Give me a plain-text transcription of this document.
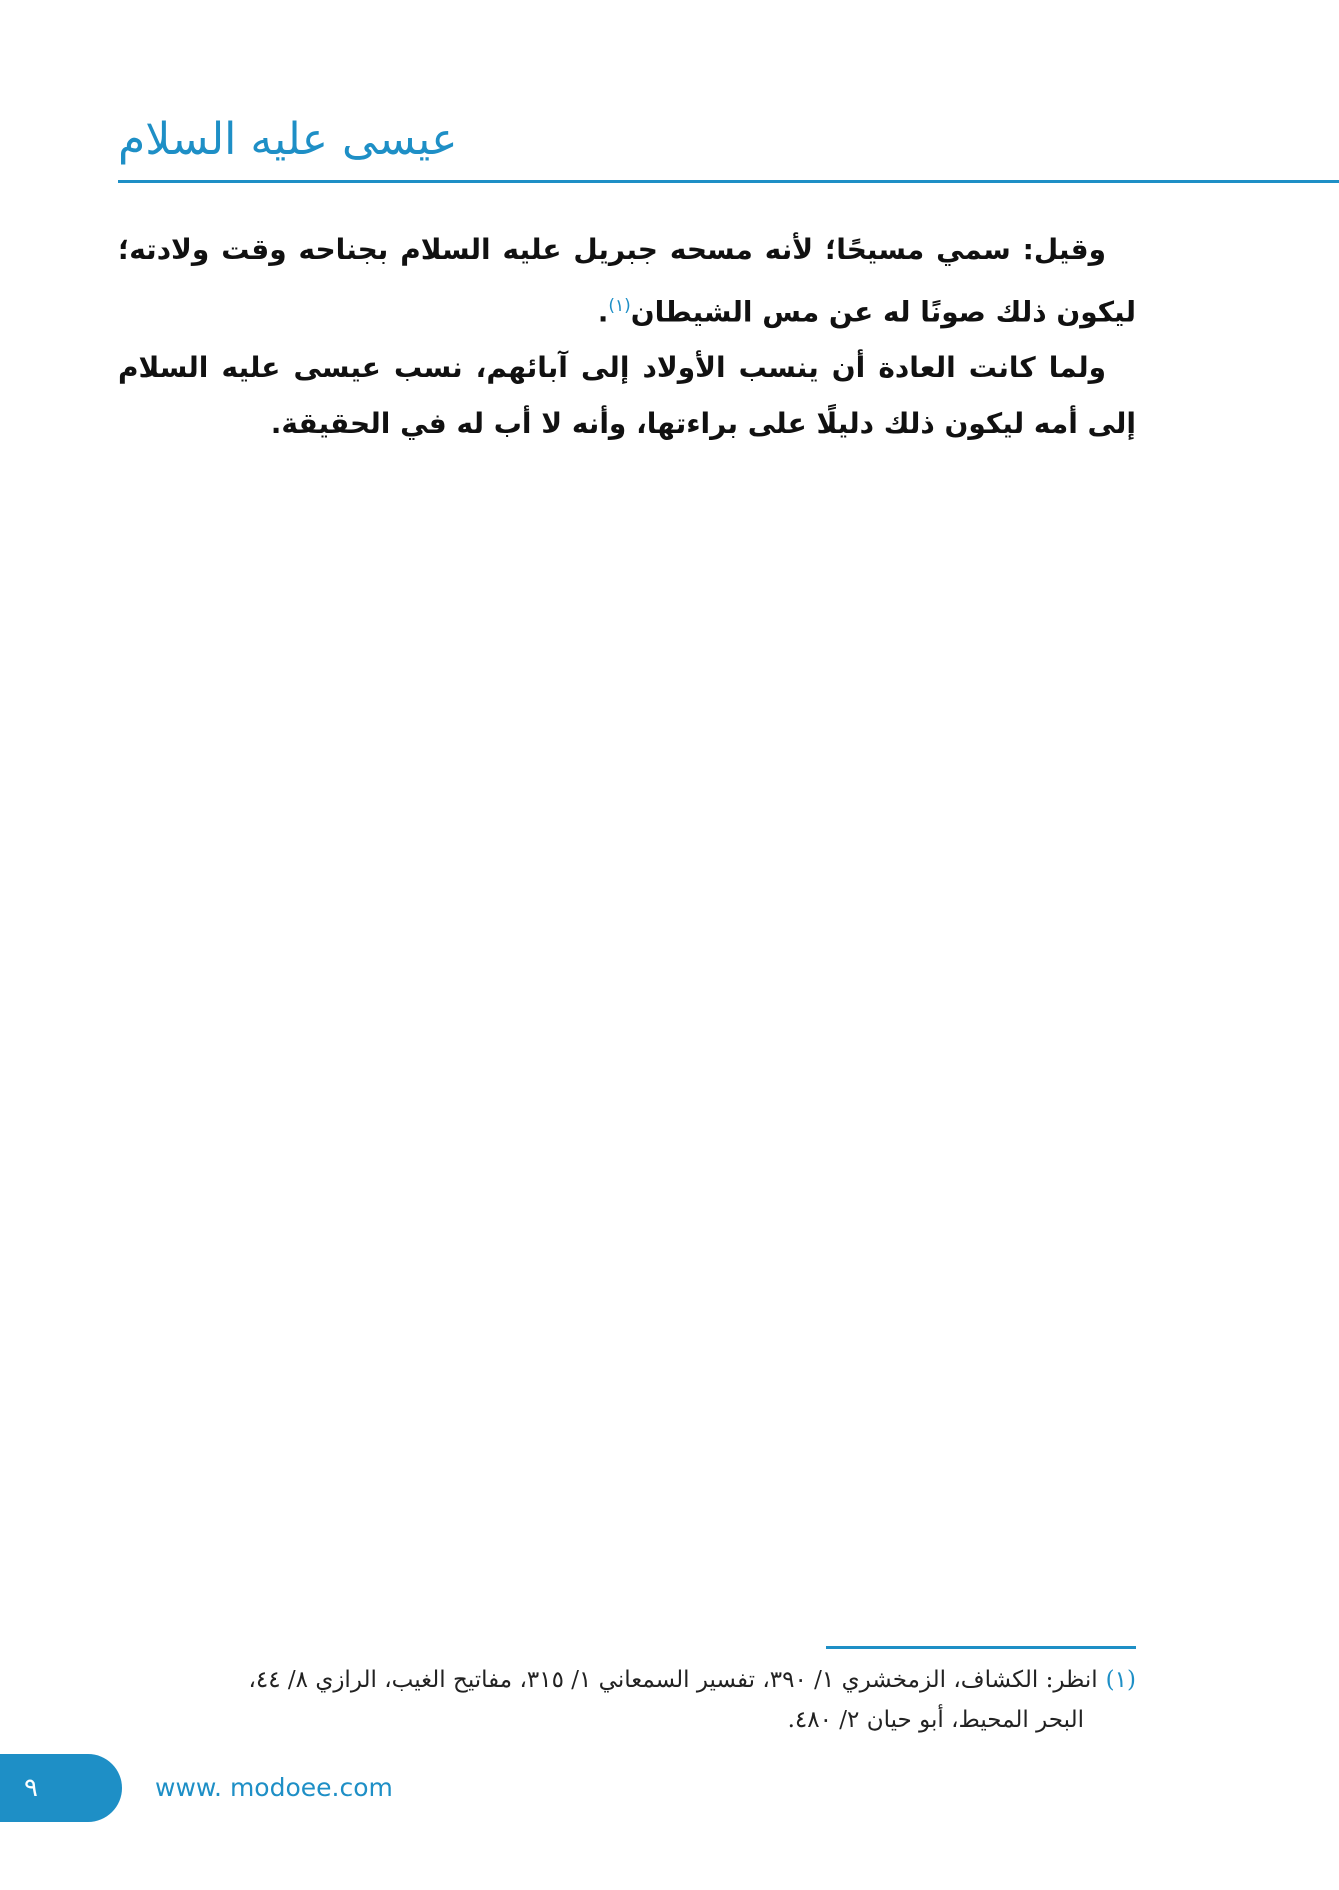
عيسى عليه السلام

وقيل: سمي مسيحًا؛ لأنه مسحه جبريل عليه السلام بجناحه وقت ولادته؛ ليكون ذلك صونًا له عن مس الشيطان$^{(١)}$.

ولما كانت العادة أن ينسب الأولاد إلى آبائهم، نسب عيسى عليه السلام إلى أمه ليكون ذلك دليلًا على براءتها، وأنه لا أب له في الحقيقة.

(١)انظر: الكشاف، الزمخشري ١/ ٣٩٠، تفسير السمعاني ١/ ٣١٥، مفاتيح الغيب، الرازي ٨/ ٤٤،
البحر المحيط، أبو حيان ٢/ ٤٨٠.
٩	www. modoee.com
